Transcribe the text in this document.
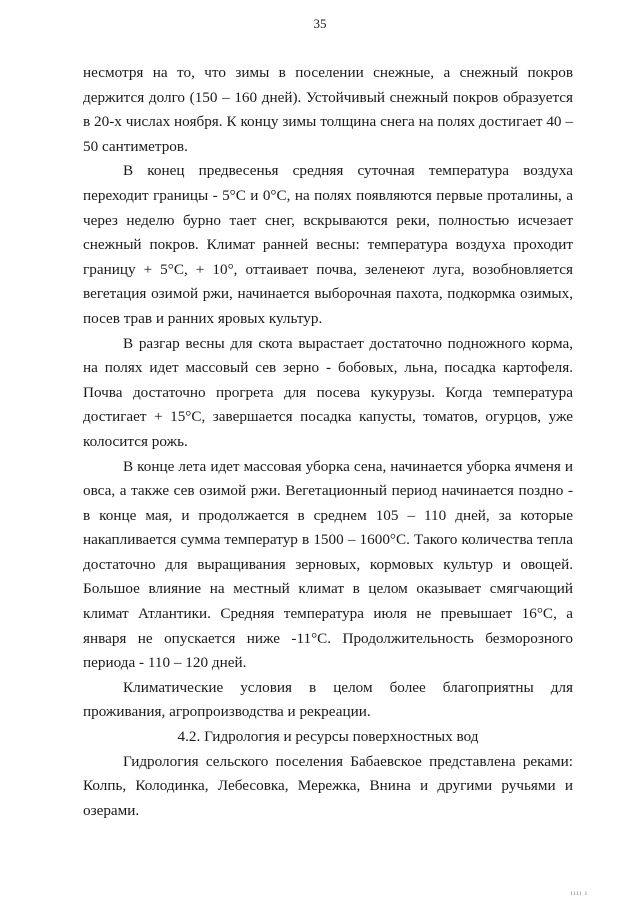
35

несмотря на то, что зимы в поселении снежные, а снежный покров держится долго (150 – 160 дней). Устойчивый снежный покров образуется в 20-х числах ноября. К концу зимы толщина снега на полях достигает 40 – 50 сантиметров.

В конец предвесенья средняя суточная температура воздуха переходит границы - 5°С и 0°С, на полях появляются первые проталины, а через неделю бурно тает снег, вскрываются реки, полностью исчезает снежный покров. Климат ранней весны: температура воздуха проходит границу + 5°С, + 10°, оттаивает почва, зеленеют луга, возобновляется вегетация озимой ржи, начинается выборочная пахота, подкормка озимых, посев трав и ранних яровых культур.

В разгар весны для скота вырастает достаточно подножного корма, на полях идет массовый сев зерно - бобовых, льна, посадка картофеля. Почва достаточно прогрета для посева кукурузы. Когда температура достигает + 15°С, завершается посадка капусты, томатов, огурцов, уже колосится рожь.

В конце лета идет массовая уборка сена, начинается уборка ячменя и овса, а также сев озимой ржи. Вегетационный период начинается поздно - в конце мая, и продолжается в среднем 105 – 110 дней, за которые накапливается сумма температур в 1500 – 1600°С. Такого количества тепла достаточно для выращивания зерновых, кормовых культур и овощей. Большое влияние на местный климат в целом оказывает смягчающий климат Атлантики. Средняя температура июля не превышает 16°С, а января не опускается ниже -11°С. Продолжительность безморозного периода - 110 – 120 дней.

Климатические условия в целом более благоприятны для проживания, агропроизводства и рекреации.

4.2. Гидрология и ресурсы поверхностных вод

Гидрология сельского поселения Бабаевское представлена реками: Колпь, Колодинка, Лебесовка, Мережка, Внина и другими ручьями и озерами.

ıııı ı
